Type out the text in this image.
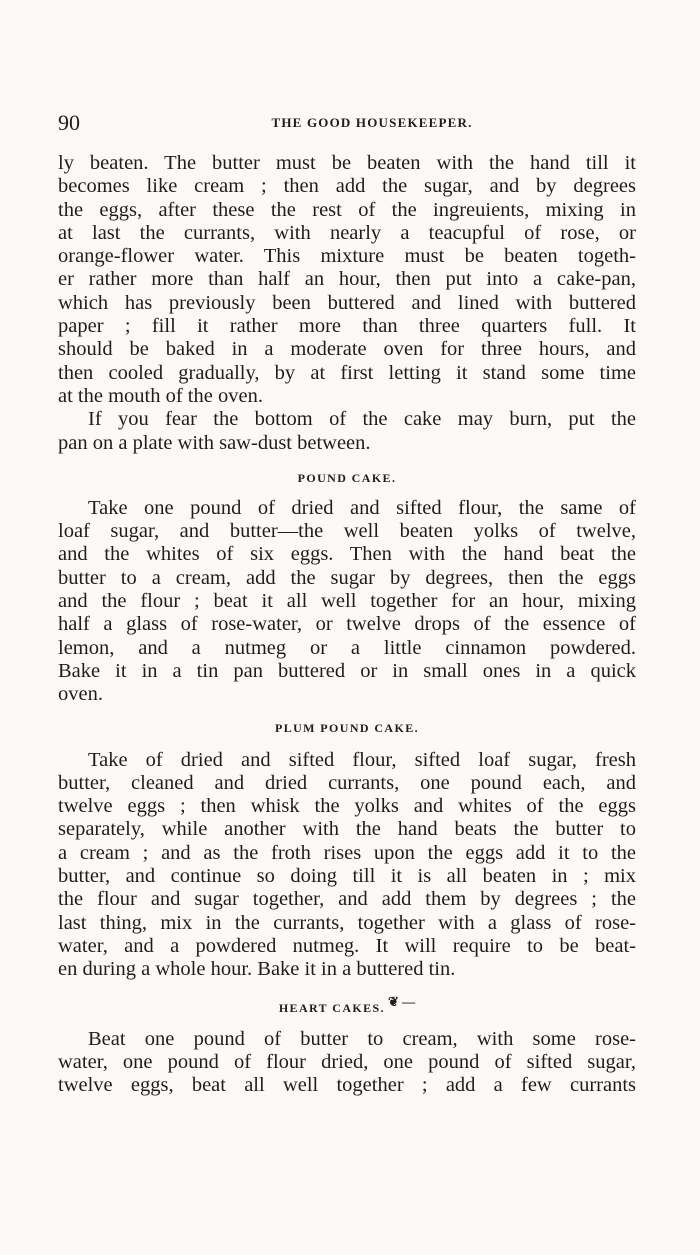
90	THE GOOD HOUSEKEEPER.
ly beaten. The butter must be beaten with the hand till it
becomes like cream ; then add the sugar, and by degrees
the eggs, after these the rest of the ingreuients, mixing in
at last the currants, with nearly a teacupful of rose, or
orange-flower water. This mixture must be beaten togeth-
er rather more than half an hour, then put into a cake-pan,
which has previously been buttered and lined with buttered
paper ; fill it rather more than three quarters full. It
should be baked in a moderate oven for three hours, and
then cooled gradually, by at first letting it stand some time
at the mouth of the oven.
If you fear the bottom of the cake may burn, put the
pan on a plate with saw-dust between.
POUND CAKE.
Take one pound of dried and sifted flour, the same of
loaf sugar, and butter—the well beaten yolks of twelve,
and the whites of six eggs. Then with the hand beat the
butter to a cream, add the sugar by degrees, then the eggs
and the flour ; beat it all well together for an hour, mixing
half a glass of rose-water, or twelve drops of the essence of
lemon, and a nutmeg or a little cinnamon powdered.
Bake it in a tin pan buttered or in small ones in a quick
oven.
PLUM POUND CAKE.
Take of dried and sifted flour, sifted loaf sugar, fresh
butter, cleaned and dried currants, one pound each, and
twelve eggs ; then whisk the yolks and whites of the eggs
separately, while another with the hand beats the butter to
a cream ; and as the froth rises upon the eggs add it to the
butter, and continue so doing till it is all beaten in ; mix
the flour and sugar together, and add them by degrees ; the
last thing, mix in the currants, together with a glass of rose-
water, and a powdered nutmeg. It will require to be beat-
en during a whole hour. Bake it in a buttered tin.
HEART CAKES. ❦ —
Beat one pound of butter to cream, with some rose-
water, one pound of flour dried, one pound of sifted sugar,
twelve eggs, beat all well together ; add a few currants
